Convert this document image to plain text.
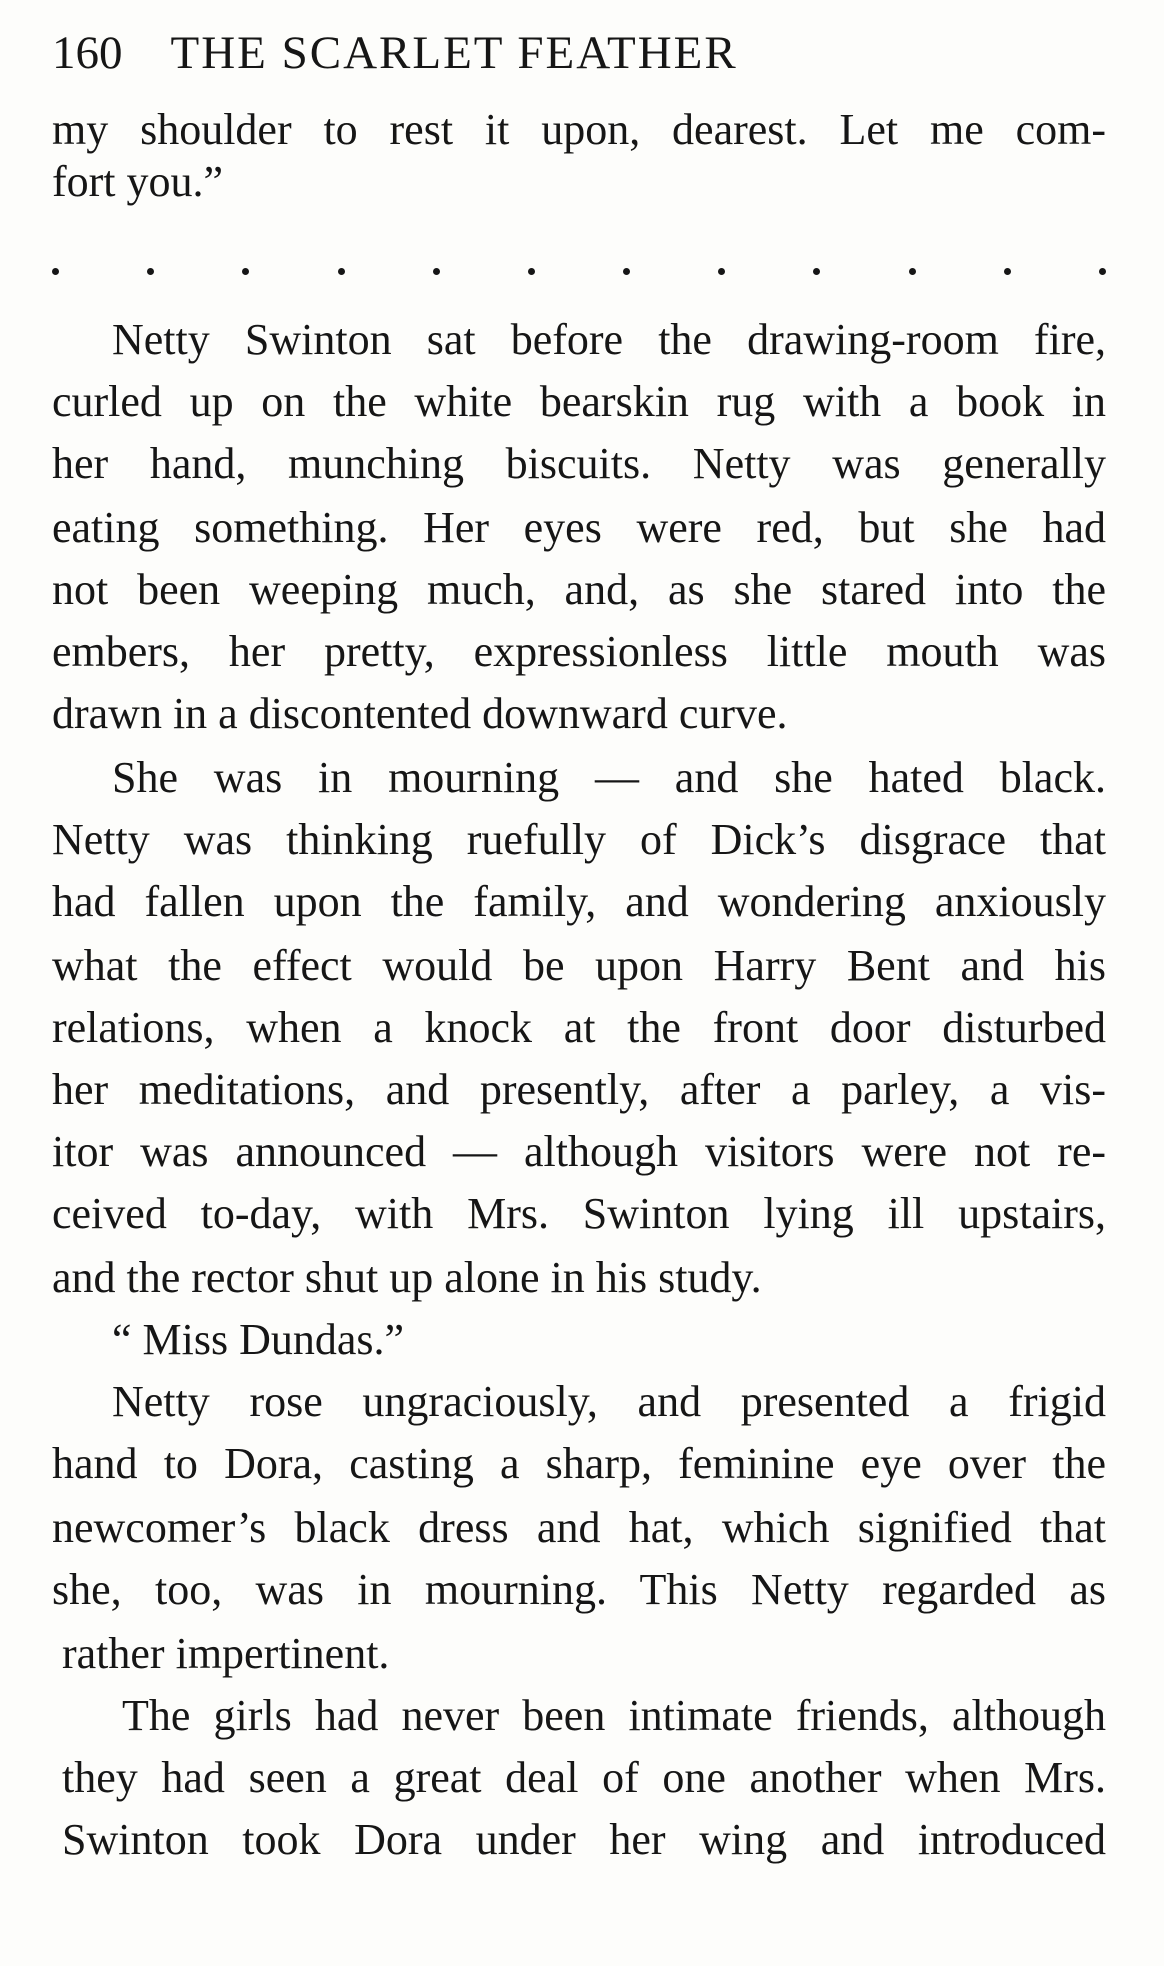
160 THE SCARLET FEATHER
my shoulder to rest it upon, dearest. Let me com-
fort you.”
Netty Swinton sat before the drawing-room fire,
curled up on the white bearskin rug with a book in
her hand, munching biscuits. Netty was generally
eating something. Her eyes were red, but she had
not been weeping much, and, as she stared into the
embers, her pretty, expressionless little mouth was
drawn in a discontented downward curve.
She was in mourning — and she hated black.
Netty was thinking ruefully of Dick’s disgrace that
had fallen upon the family, and wondering anxiously
what the effect would be upon Harry Bent and his
relations, when a knock at the front door disturbed
her meditations, and presently, after a parley, a vis-
itor was announced — although visitors were not re-
ceived to-day, with Mrs. Swinton lying ill upstairs,
and the rector shut up alone in his study.
“ Miss Dundas.”
Netty rose ungraciously, and presented a frigid
hand to Dora, casting a sharp, feminine eye over the
newcomer’s black dress and hat, which signified that
she, too, was in mourning. This Netty regarded as
rather impertinent.
The girls had never been intimate friends, although
they had seen a great deal of one another when Mrs.
Swinton took Dora under her wing and introduced
